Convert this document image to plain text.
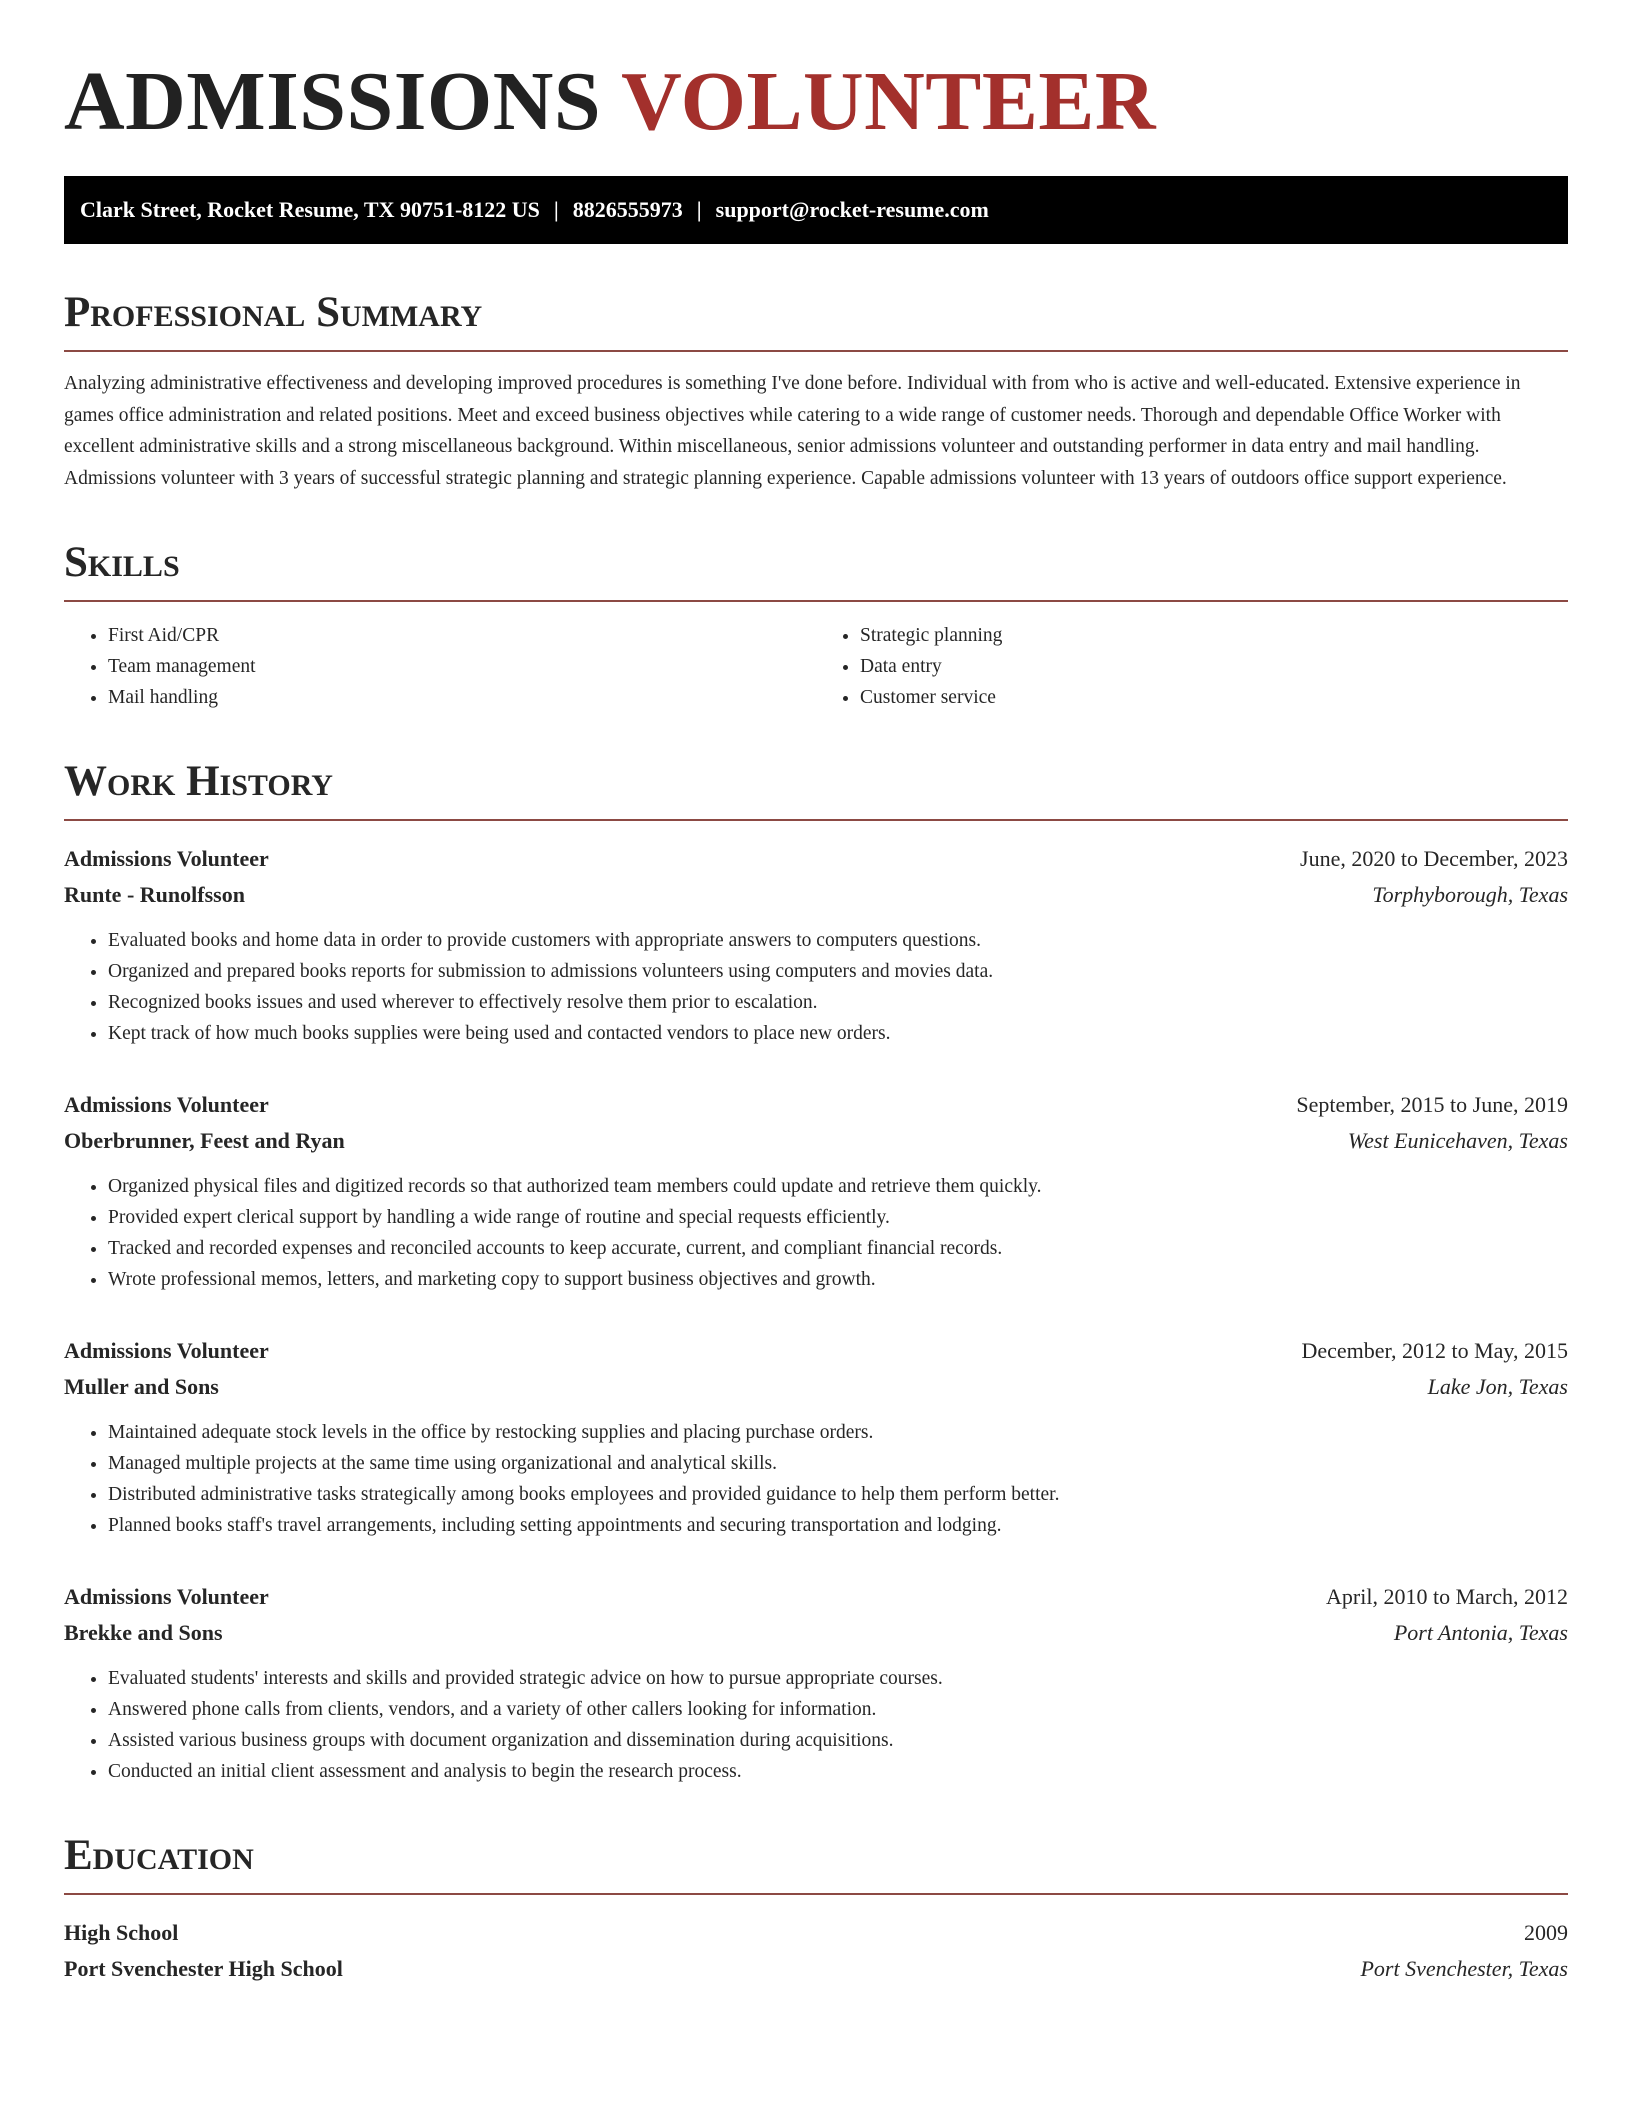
ADMISSIONS VOLUNTEER
Clark Street, Rocket Resume, TX 90751-8122 US | 8826555973 | support@rocket-resume.com
Professional Summary

Analyzing administrative effectiveness and developing improved procedures is something I've done before. Individual with from who is active and well-educated. Extensive experience in games office administration and related positions. Meet and exceed business objectives while catering to a wide range of customer needs. Thorough and dependable Office Worker with excellent administrative skills and a strong miscellaneous background. Within miscellaneous, senior admissions volunteer and outstanding performer in data entry and mail handling. Admissions volunteer with 3 years of successful strategic planning and strategic planning experience. Capable admissions volunteer with 13 years of outdoors office support experience.

Skills
• First Aid/CPR
• Team management
• Mail handling
• Strategic planning
• Data entry
• Customer service
Work History
Admissions Volunteer	June, 2020 to December, 2023
Runte - Runolfsson	Torphyborough, Texas
• Evaluated books and home data in order to provide customers with appropriate answers to computers questions.
• Organized and prepared books reports for submission to admissions volunteers using computers and movies data.
• Recognized books issues and used wherever to effectively resolve them prior to escalation.
• Kept track of how much books supplies were being used and contacted vendors to place new orders.
Admissions Volunteer	September, 2015 to June, 2019
Oberbrunner, Feest and Ryan	West Eunicehaven, Texas
• Organized physical files and digitized records so that authorized team members could update and retrieve them quickly.
• Provided expert clerical support by handling a wide range of routine and special requests efficiently.
• Tracked and recorded expenses and reconciled accounts to keep accurate, current, and compliant financial records.
• Wrote professional memos, letters, and marketing copy to support business objectives and growth.
Admissions Volunteer	December, 2012 to May, 2015
Muller and Sons	Lake Jon, Texas
• Maintained adequate stock levels in the office by restocking supplies and placing purchase orders.
• Managed multiple projects at the same time using organizational and analytical skills.
• Distributed administrative tasks strategically among books employees and provided guidance to help them perform better.
• Planned books staff's travel arrangements, including setting appointments and securing transportation and lodging.
Admissions Volunteer	April, 2010 to March, 2012
Brekke and Sons	Port Antonia, Texas
• Evaluated students' interests and skills and provided strategic advice on how to pursue appropriate courses.
• Answered phone calls from clients, vendors, and a variety of other callers looking for information.
• Assisted various business groups with document organization and dissemination during acquisitions.
• Conducted an initial client assessment and analysis to begin the research process.
Education
High School	2009
Port Svenchester High School	Port Svenchester, Texas
